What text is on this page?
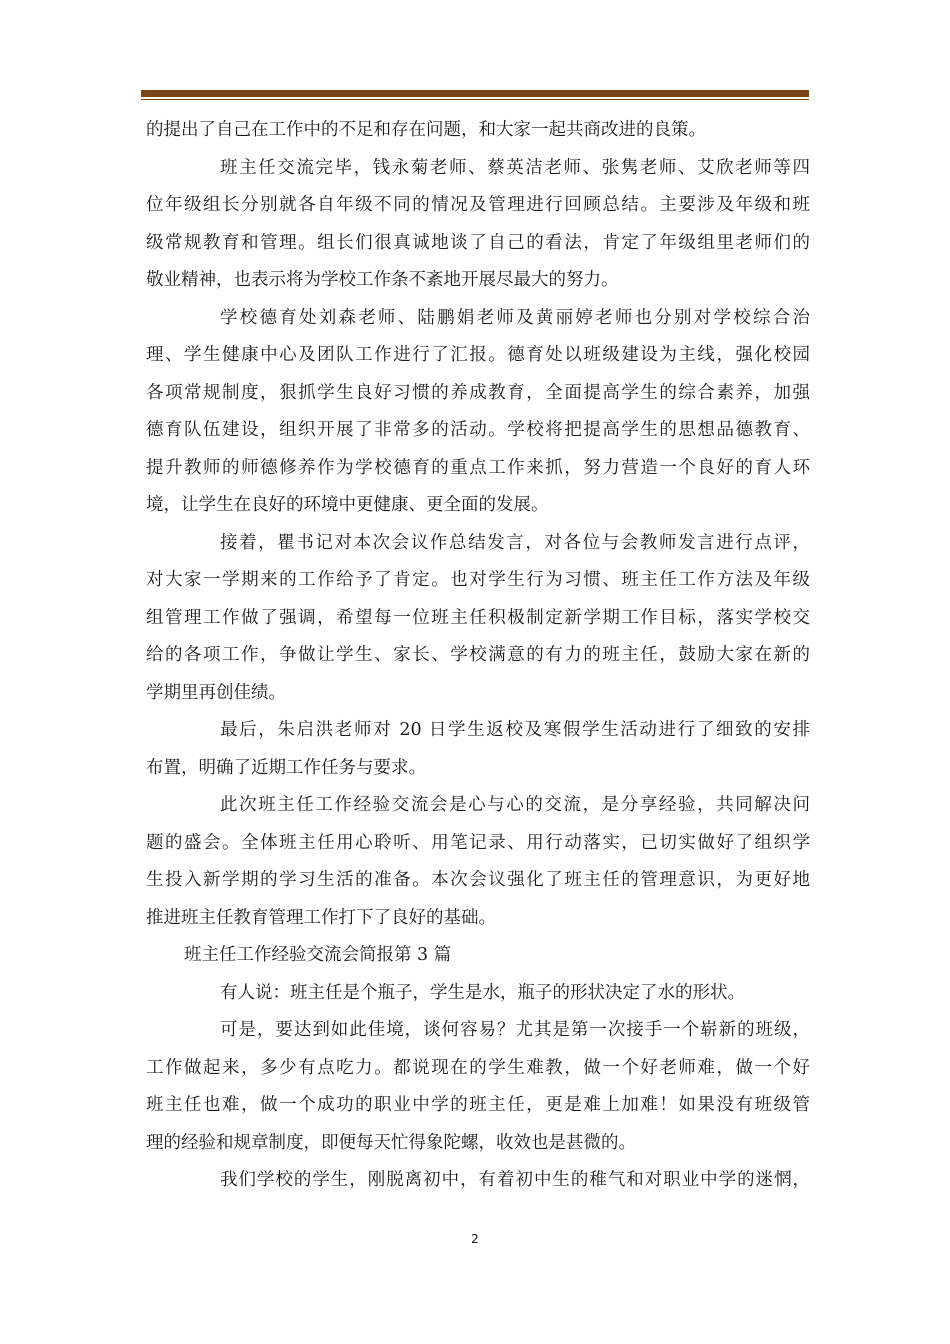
的提出了自己在工作中的不足和存在问题，和大家一起共商改进的良策。
班主任交流完毕，钱永菊老师、蔡英洁老师、张隽老师、艾欣老师等四
位年级组长分别就各自年级不同的情况及管理进行回顾总结。主要涉及年级和班
级常规教育和管理。组长们很真诚地谈了自己的看法，肯定了年级组里老师们的
敬业精神，也表示将为学校工作条不紊地开展尽最大的努力。
学校德育处刘森老师、陆鹏娟老师及黄丽婷老师也分别对学校综合治
理、学生健康中心及团队工作进行了汇报。德育处以班级建设为主线，强化校园
各项常规制度，狠抓学生良好习惯的养成教育，全面提高学生的综合素养，加强
德育队伍建设，组织开展了非常多的活动。学校将把提高学生的思想品德教育、
提升教师的师德修养作为学校德育的重点工作来抓，努力营造一个良好的育人环
境，让学生在良好的环境中更健康、更全面的发展。
接着，瞿书记对本次会议作总结发言，对各位与会教师发言进行点评，
对大家一学期来的工作给予了肯定。也对学生行为习惯、班主任工作方法及年级
组管理工作做了强调，希望每一位班主任积极制定新学期工作目标，落实学校交
给的各项工作，争做让学生、家长、学校满意的有力的班主任，鼓励大家在新的
学期里再创佳绩。
最后，朱启洪老师对 20 日学生返校及寒假学生活动进行了细致的安排
布置，明确了近期工作任务与要求。
此次班主任工作经验交流会是心与心的交流，是分享经验，共同解决问
题的盛会。全体班主任用心聆听、用笔记录、用行动落实，已切实做好了组织学
生投入新学期的学习生活的准备。本次会议强化了班主任的管理意识，为更好地
推进班主任教育管理工作打下了良好的基础。
班主任工作经验交流会简报第 3 篇
有人说：班主任是个瓶子，学生是水，瓶子的形状决定了水的形状。
可是，要达到如此佳境，谈何容易？尤其是第一次接手一个崭新的班级，
工作做起来，多少有点吃力。都说现在的学生难教，做一个好老师难，做一个好
班主任也难，做一个成功的职业中学的班主任，更是难上加难！如果没有班级管
理的经验和规章制度，即便每天忙得象陀螺，收效也是甚微的。
我们学校的学生，刚脱离初中，有着初中生的稚气和对职业中学的迷惘，
2
